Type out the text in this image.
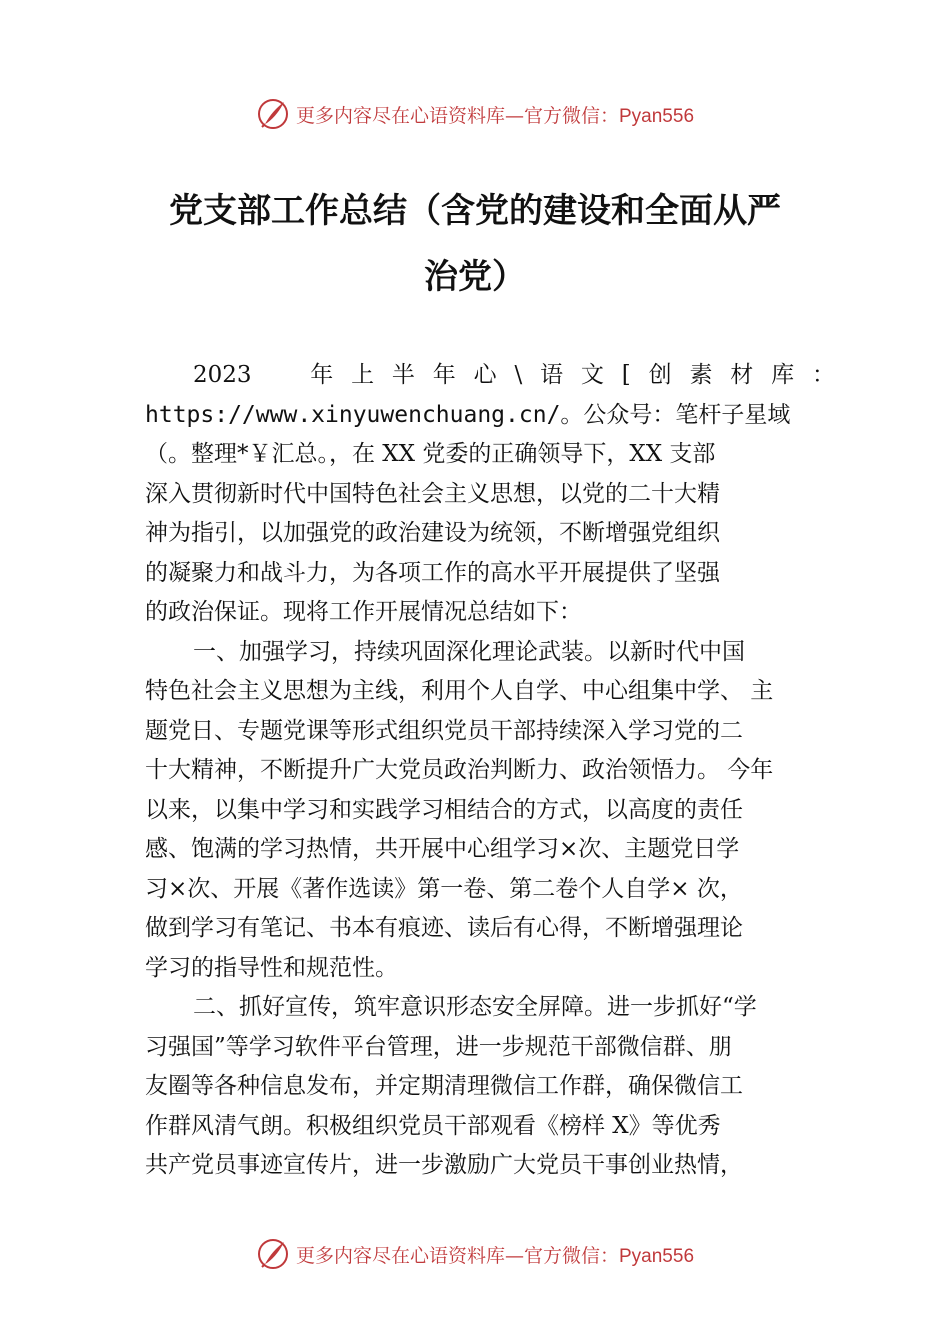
更多内容尽在心语资料库—官方微信：Pyan556
党支部工作总结（含党的建设和全面从严
治党）
2023　年上半年心\语文[创素材库：
https://www.xinyuwenchuang.cn/。公众号：笔杆子星域
（。整理*￥汇总。，在 XX 党委的正确领导下，XX 支部
深入贯彻新时代中国特色社会主义思想，以党的二十大精
神为指引，以加强党的政治建设为统领，不断增强党组织
的凝聚力和战斗力，为各项工作的高水平开展提供了坚强
的政治保证。现将工作开展情况总结如下：
一、加强学习，持续巩固深化理论武装。以新时代中国
特色社会主义思想为主线，利用个人自学、中心组集中学、 主
题党日、专题党课等形式组织党员干部持续深入学习党的二
十大精神，不断提升广大党员政治判断力、政治领悟力。 今年
以来，以集中学习和实践学习相结合的方式，以高度的责任
感、饱满的学习热情，共开展中心组学习×次、主题党日学
习×次、开展《著作选读》第一卷、第二卷个人自学× 次，
做到学习有笔记、书本有痕迹、读后有心得，不断增强理论
学习的指导性和规范性。
二、抓好宣传，筑牢意识形态安全屏障。进一步抓好“学
习强国”等学习软件平台管理，进一步规范干部微信群、朋
友圈等各种信息发布，并定期清理微信工作群，确保微信工
作群风清气朗。积极组织党员干部观看《榜样 X》等优秀
共产党员事迹宣传片，进一步激励广大党员干事创业热情，
更多内容尽在心语资料库—官方微信：Pyan556
